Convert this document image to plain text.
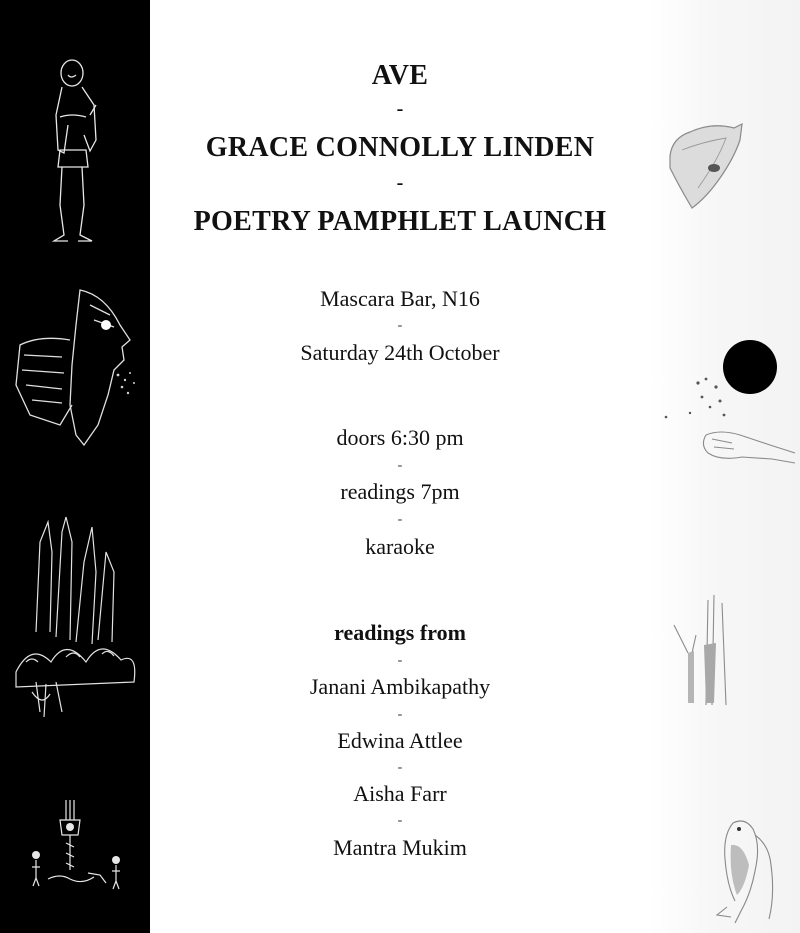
AVE
-
GRACE CONNOLLY LINDEN
-
POETRY PAMPHLET LAUNCH
Mascara Bar, N16
-
Saturday 24th October
doors 6:30 pm
-
readings 7pm
-
karaoke
readings from
-
Janani Ambikapathy
-
Edwina Attlee
-
Aisha Farr
-
Mantra Mukim
